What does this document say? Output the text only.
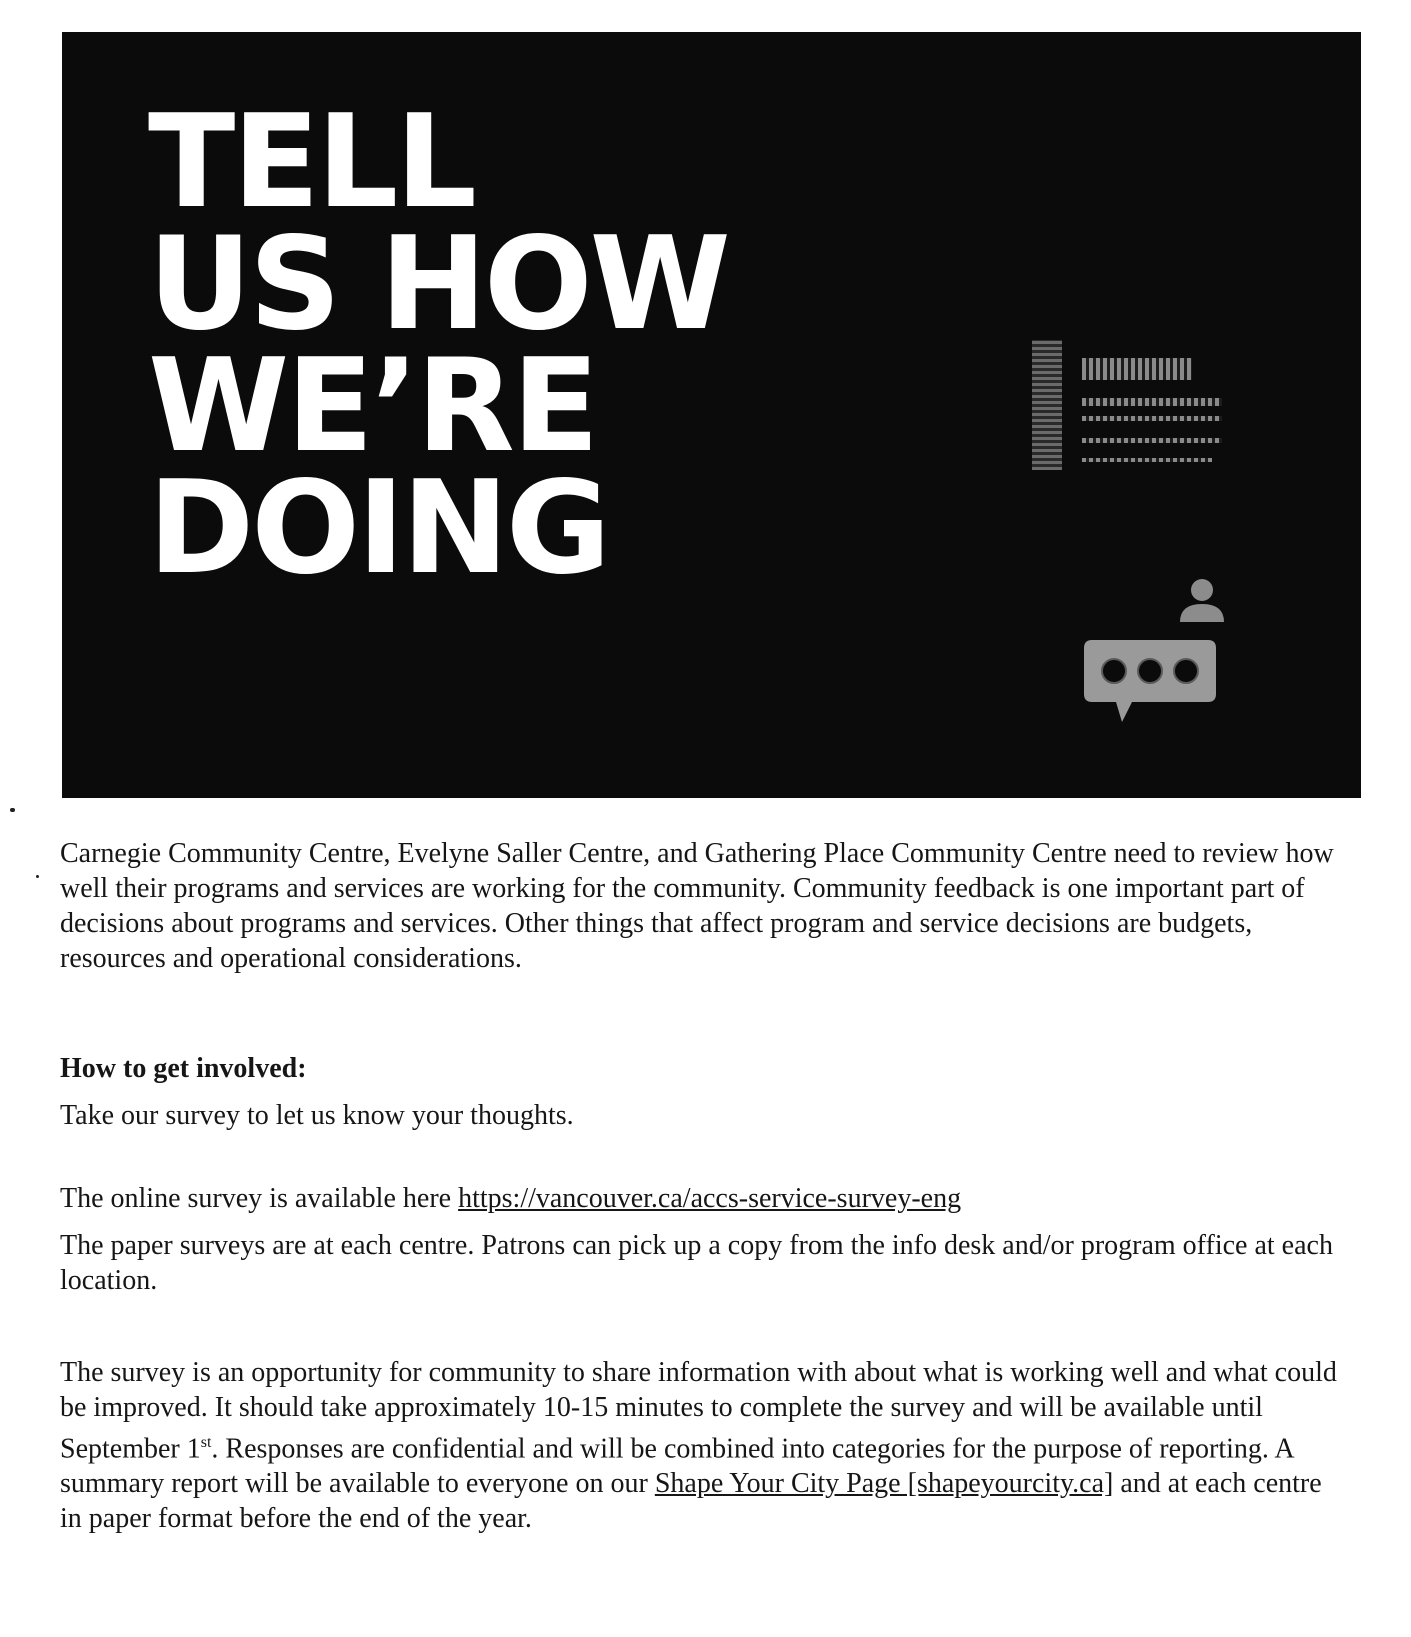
TELL
US HOW
WE’RE
DOING

Carnegie Community Centre, Evelyne Saller Centre, and Gathering Place Community Centre need to review how well their programs and services are working for the community. Community feedback is one important part of decisions about programs and services. Other things that affect program and service decisions are budgets, resources and operational considerations.

How to get involved:

Take our survey to let us know your thoughts.

The online survey is available here https://vancouver.ca/accs-service-survey-eng

The paper surveys are at each centre. Patrons can pick up a copy from the info desk and/or program office at each location.

The survey is an opportunity for community to share information with about what is working well and what could be improved. It should take approximately 10-15 minutes to complete the survey and will be available until September 1st. Responses are confidential and will be combined into categories for the purpose of reporting. A summary report will be available to everyone on our Shape Your City Page [shapeyourcity.ca] and at each centre in paper format before the end of the year.
